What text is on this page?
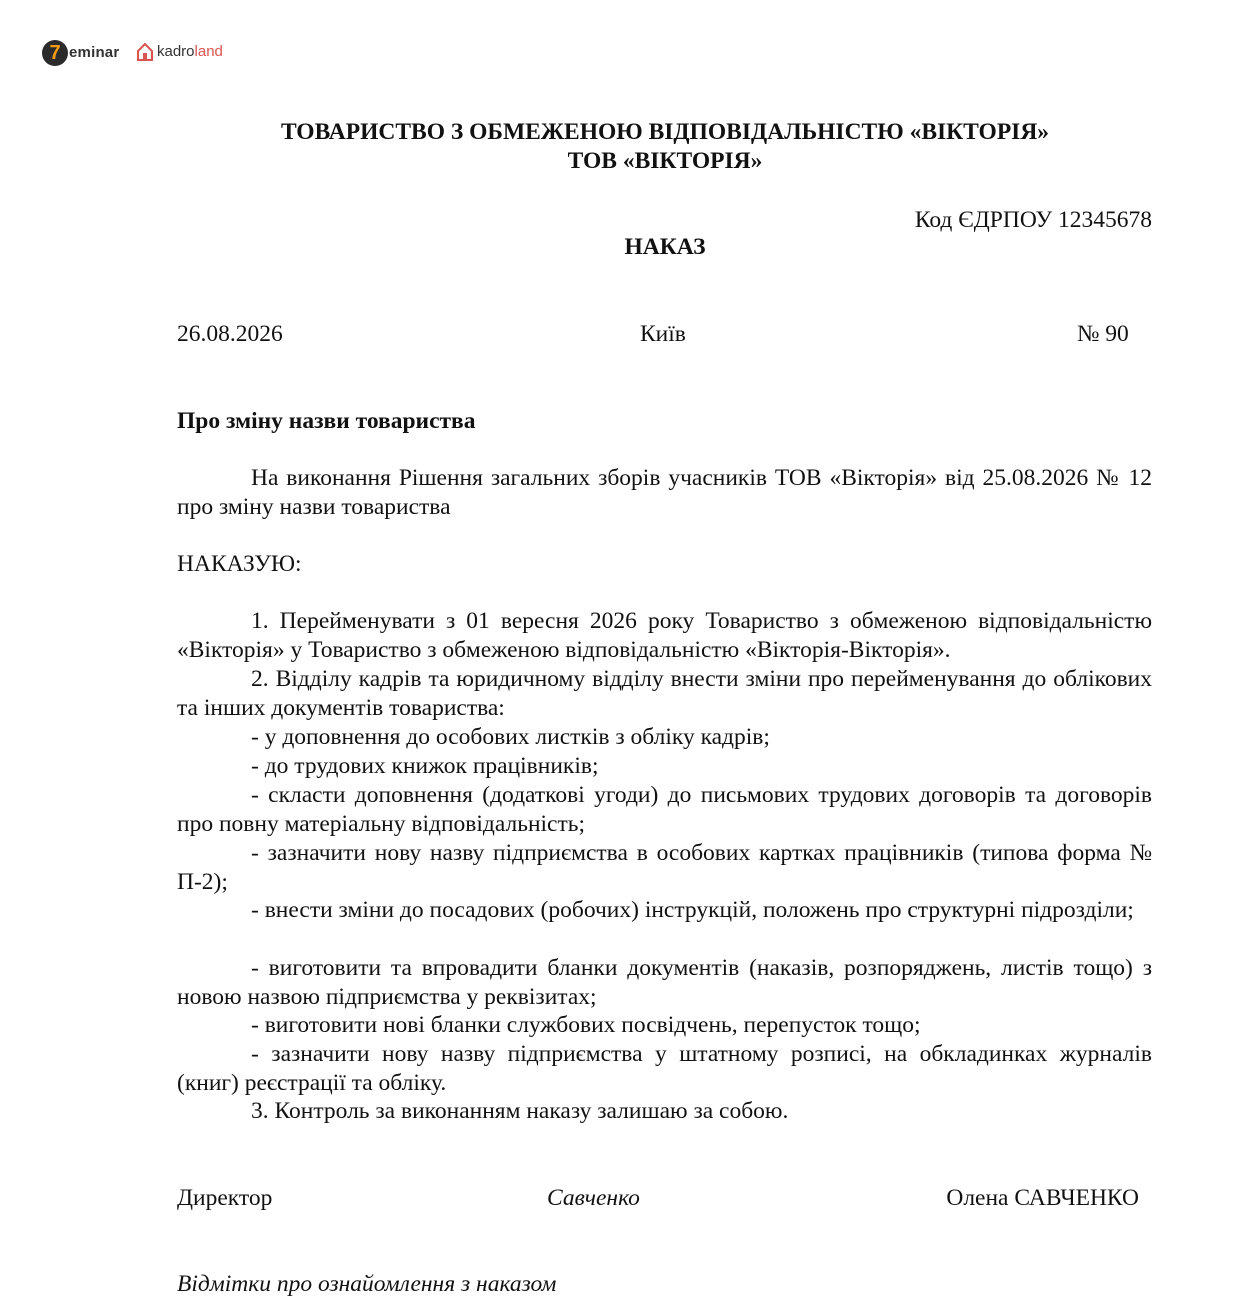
7 eminar	kadroland
ТОВАРИСТВО З ОБМЕЖЕНОЮ ВІДПОВІДАЛЬНІСТЮ «ВІКТОРІЯ»
ТОВ «ВІКТОРІЯ»
Код ЄДРПОУ 12345678
НАКАЗ
26.08.2026	Київ	№ 90
Про зміну назви товариства
На виконання Рішення загальних зборів учасників ТОВ «Вікторія» від 25.08.2026 № 12 про зміну назви товариства
НАКАЗУЮ:
1. Перейменувати з 01 вересня 2026 року Товариство з обмеженою відповідальністю «Вікторія» у Товариство з обмеженою відповідальністю «Вікторія-Вікторія».
2. Відділу кадрів та юридичному відділу внести зміни про перейменування до облікових та інших документів товариства:
- у доповнення до особових листків з обліку кадрів;
- до трудових книжок працівників;
- скласти доповнення (додаткові угоди) до письмових трудових договорів та договорів про повну матеріальну відповідальність;
- зазначити нову назву підприємства в особових картках працівників (типова форма № П-2);
- внести зміни до посадових (робочих) інструкцій, положень про структурні підрозділи;
- виготовити та впровадити бланки документів (наказів, розпоряджень, листів тощо) з новою назвою підприємства у реквізитах;
- виготовити нові бланки службових посвідчень, перепусток тощо;
- зазначити нову назву підприємства у штатному розписі, на обкладинках журналів (книг) реєстрації та обліку.
3. Контроль за виконанням наказу залишаю за собою.
Директор	Савченко	Олена САВЧЕНКО
Відмітки про ознайомлення з наказом
